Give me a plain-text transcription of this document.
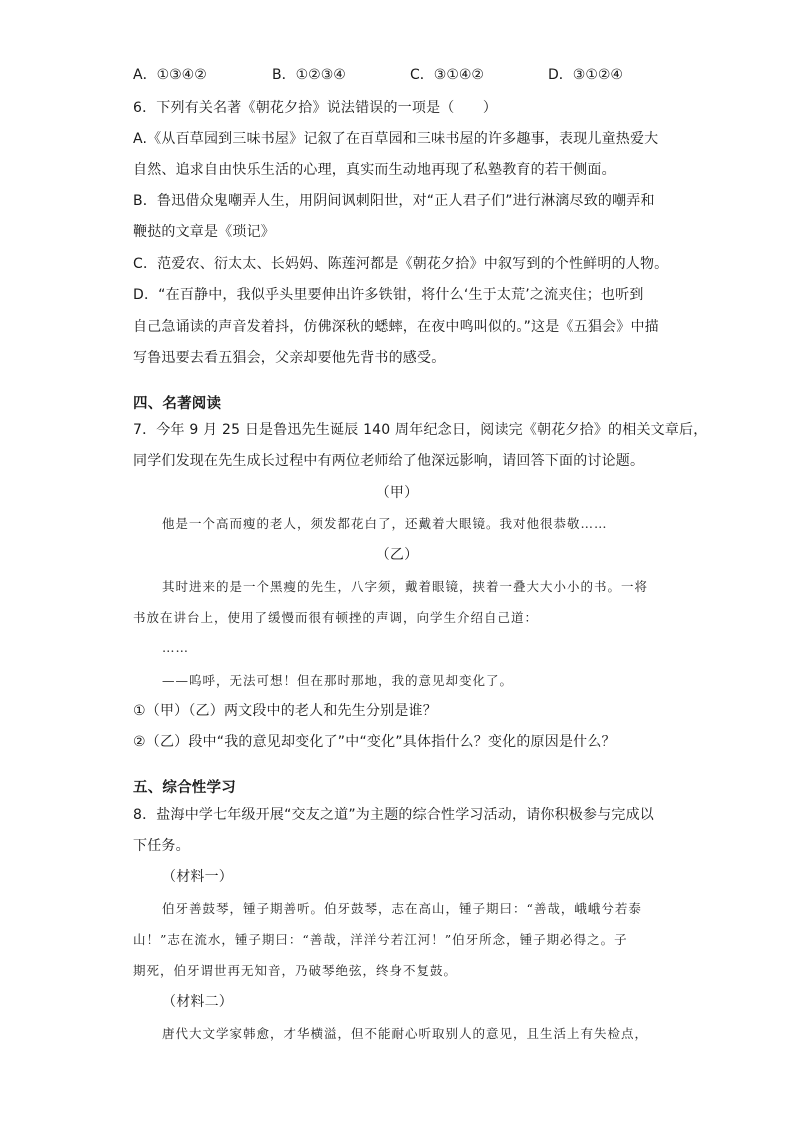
A．①③④②	B．①②③④	C．③①④②	D．③①②④
6．下列有关名著《朝花夕拾》说法错误的一项是（　　）
A.《从百草园到三味书屋》记叙了在百草园和三味书屋的许多趣事，表现儿童热爱大
自然、追求自由快乐生活的心理，真实而生动地再现了私塾教育的若干侧面。
B．鲁迅借众鬼嘲弄人生，用阴间讽刺阳世，对“正人君子们”进行淋漓尽致的嘲弄和
鞭挞的文章是《琐记》
C．范爱农、衍太太、长妈妈、陈莲河都是《朝花夕拾》中叙写到的个性鲜明的人物。
D．“在百静中，我似乎头里要伸出许多铁钳，将什么‘生于太荒’之流夹住；也听到
自己急诵读的声音发着抖，仿佛深秋的蟋蟀，在夜中鸣叫似的。”这是《五猖会》中描
写鲁迅要去看五猖会，父亲却要他先背书的感受。
四、名著阅读
7．今年 9 月 25 日是鲁迅先生诞辰 140 周年纪念日，阅读完《朝花夕拾》的相关文章后，
同学们发现在先生成长过程中有两位老师给了他深远影响，请回答下面的讨论题。
（甲）
他是一个高而瘦的老人，须发都花白了，还戴着大眼镜。我对他很恭敬……
（乙）
其时进来的是一个黑瘦的先生，八字须，戴着眼镜，挟着一叠大大小小的书。一将
书放在讲台上，使用了缓慢而很有顿挫的声调，向学生介绍自己道：
……
——呜呼，无法可想！但在那时那地，我的意见却变化了。
①（甲）（乙）两文段中的老人和先生分别是谁？
②（乙）段中“我的意见却变化了”中“变化”具体指什么？变化的原因是什么？
五、综合性学习
8．盐海中学七年级开展“交友之道”为主题的综合性学习活动，请你积极参与完成以
下任务。
（材料一）
伯牙善鼓琴，锺子期善听。伯牙鼓琴，志在高山，锺子期曰：“善哉，峨峨兮若泰
山！”志在流水，锺子期曰：“善哉，洋洋兮若江河！”伯牙所念，锺子期必得之。子
期死，伯牙谓世再无知音，乃破琴绝弦，终身不复鼓。
（材料二）
唐代大文学家韩愈，才华横溢，但不能耐心听取别人的意见，且生活上有失检点，
